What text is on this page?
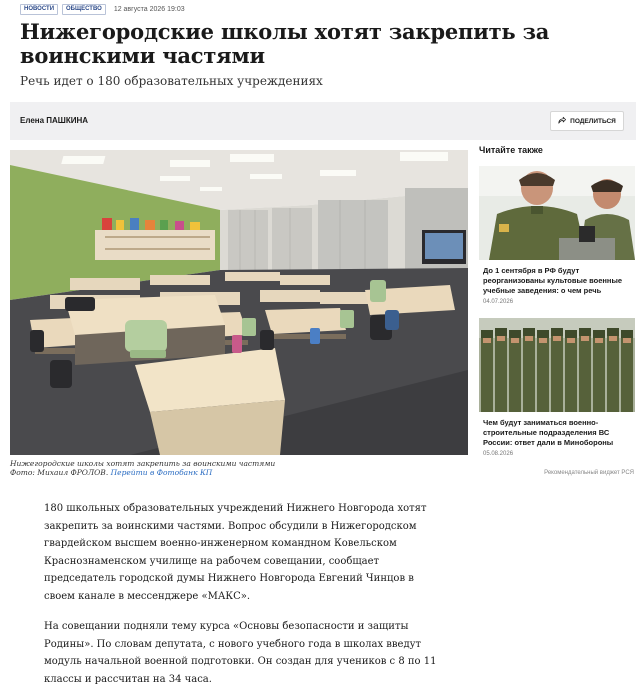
НОВОСТИ	ОБЩЕСТВО	12 августа 2026 19:03
Нижегородские школы хотят закрепить за воинскими частями
Речь идет о 180 образовательных учреждениях
Елена ПАШКИНА	ПОДЕЛИТЬСЯ
Нижегородские школы хотят закрепить за воинскими частями
Фото: Михаил ФРОЛОВ. Перейти в Фотобанк КП
Читайте также
До 1 сентября в РФ будут реорганизованы культовые военные учебные заведения: о чем речь
04.07.2026
Чем будут заниматься военно-строительные подразделения ВС России: ответ дали в Минобороны
05.08.2026
Рекомендательный виджет РСЯ

180 школьных образовательных учреждений Нижнего Новгорода хотят закрепить за воинскими частями. Вопрос обсудили в Нижегородском гвардейском высшем военно-инженерном командном Ковельском Краснознаменском училище на рабочем совещании, сообщает председатель городской думы Нижнего Новгорода Евгений Чинцов в своем канале в мессенджере «МАКС».

На совещании подняли тему курса «Основы безопасности и защиты Родины». По словам депутата, с нового учебного года в школах введут модуль начальной военной подготовки. Он создан для учеников с 8 по 11 классы и рассчитан на 34 часа.
